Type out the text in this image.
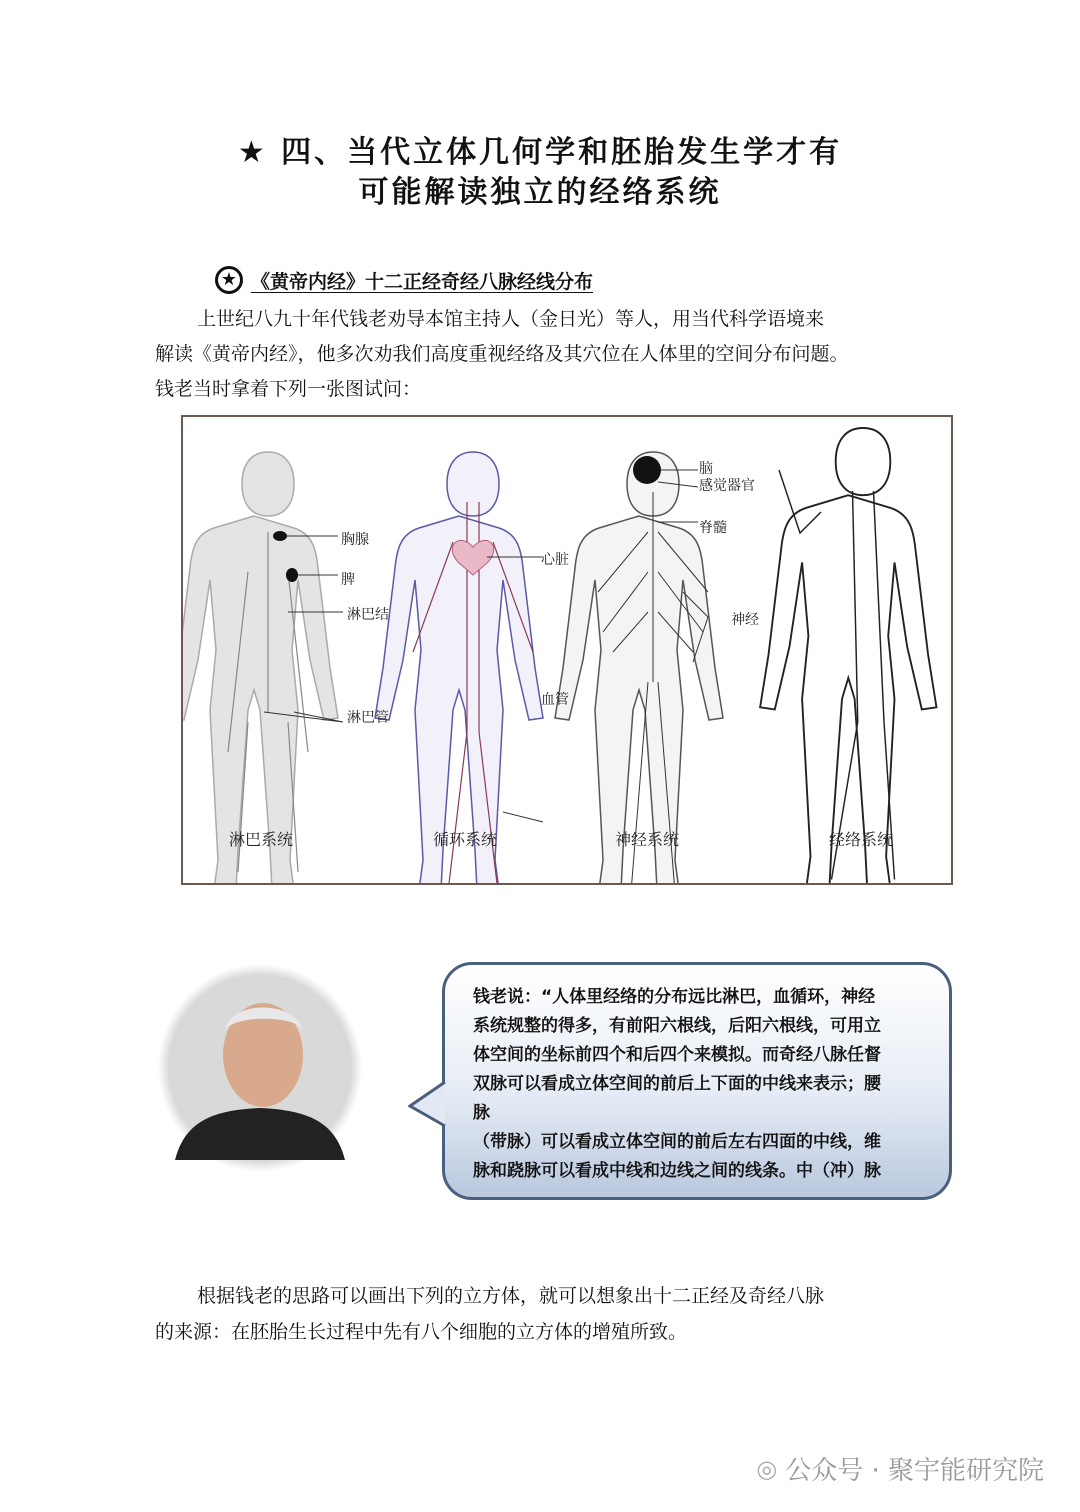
★ 四、当代立体几何学和胚胎发生学才有
可能解读独立的经络系统
★ 《黄帝内经》十二正经奇经八脉经线分布
上世纪八九十年代钱老劝导本馆主持人（金日光）等人，用当代科学语境来
解读《黄帝内经》，他多次劝我们高度重视经络及其穴位在人体里的空间分布问题。
钱老当时拿着下列一张图试问：
胸腺
脾
淋巴结
淋巴管
心脏
血管
脑
感觉器官
脊髓
神经
淋巴系统	循环系统	神经系统	经络系统
钱老说：“人体里经络的分布远比淋巴，血循环，神经
系统规整的得多，有前阳六根线，后阳六根线，可用立
体空间的坐标前四个和后四个来模拟。而奇经八脉任督
双脉可以看成立体空间的前后上下面的中线来表示；腰
脉
（带脉）可以看成立体空间的前后左右四面的中线，维
脉和跷脉可以看成中线和边线之间的线条。中（冲）脉
根据钱老的思路可以画出下列的立方体，就可以想象出十二正经及奇经八脉
的来源：在胚胎生长过程中先有八个细胞的立方体的增殖所致。
◎ 公众号 · 聚宇能研究院
